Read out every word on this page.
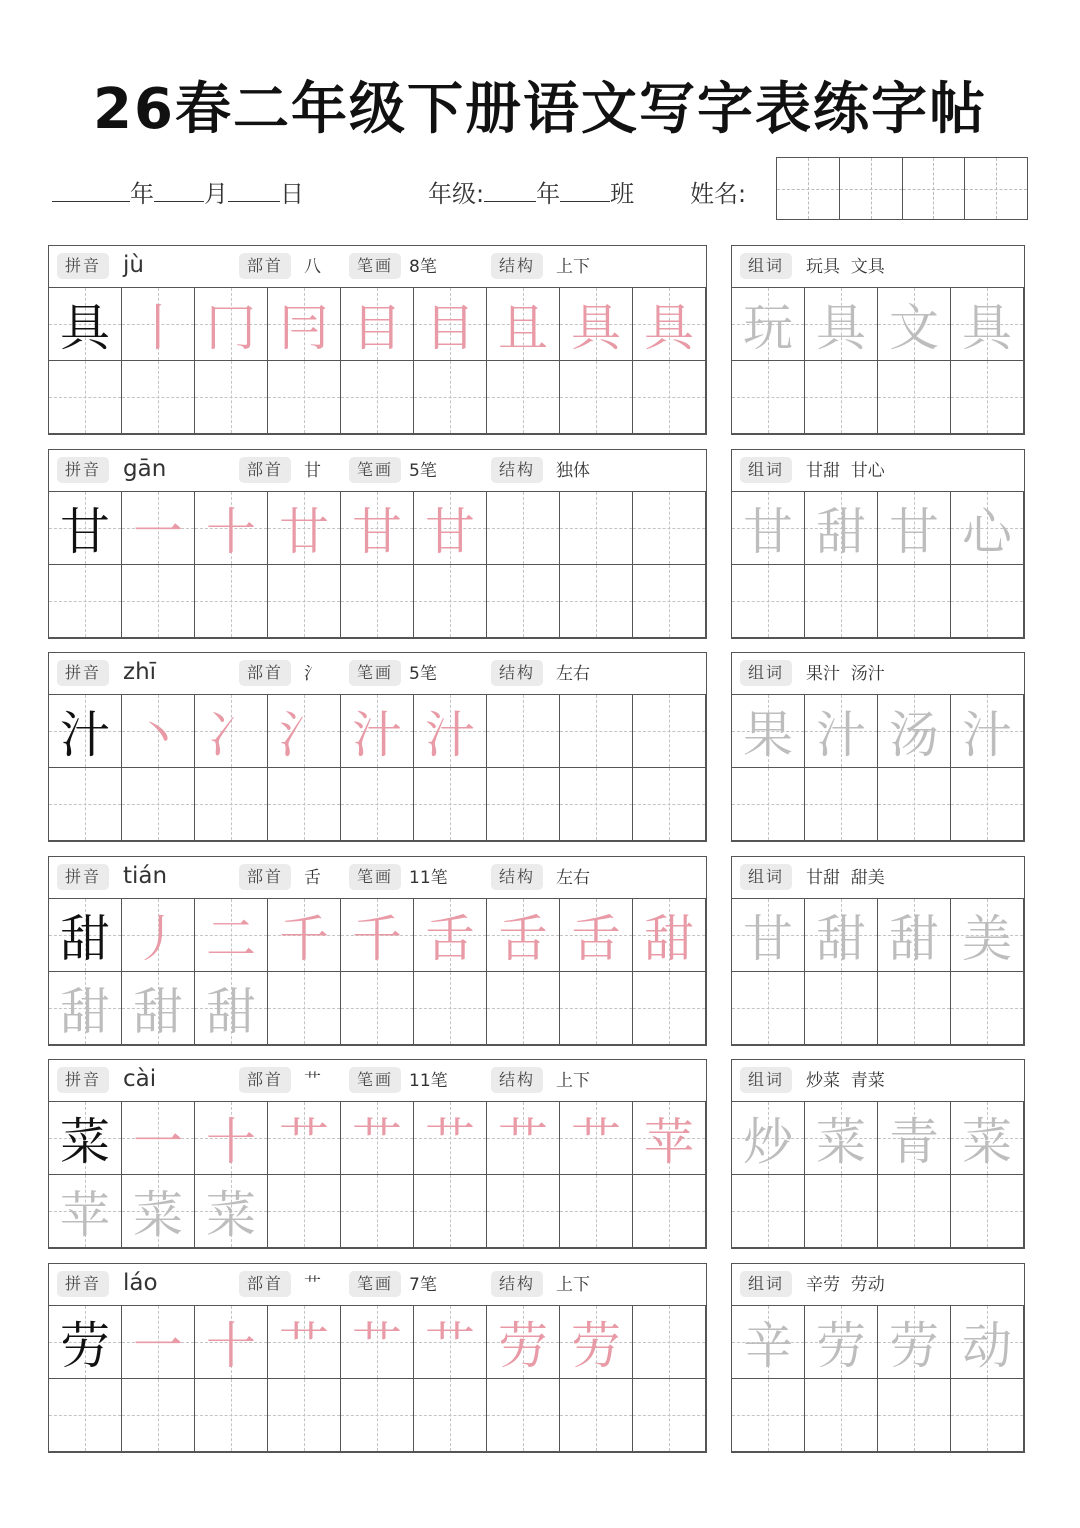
26春二年级下册语文写字表练字帖
年 月 日	年级: 年 班 姓名:
拼音 jù	部首	八	笔画 8笔	结构	上下
具 丨 冂 冃 目 目 且 具 具
组词	玩具  文具
玩 具 文 具
拼音 gān	部首	甘	笔画 5笔	结构	独体
甘 一 十 廿 甘 甘
组词	甘甜  甘心
甘 甜 甘 心
拼音 zhī	部首	氵	笔画 5笔	结构	左右
汁 丶 冫 氵 汁 汁
组词	果汁  汤汁
果 汁 汤 汁
拼音 tián	部首	舌	笔画 11笔	结构	左右
甜 丿 二 千 千 舌 舌 舌 甜
甜 甜 甜
组词	甘甜  甜美
甘 甜 甜 美
拼音 cài	部首	艹	笔画 11笔	结构	上下
菜 一 十 艹 艹 艹 艹 艹 苹
苹 菜 菜
组词	炒菜  青菜
炒 菜 青 菜
拼音 láo	部首	艹	笔画 7笔	结构	上下
劳 一 十 艹 艹 艹 劳 劳
组词	辛劳  劳动
辛 劳 劳 动
